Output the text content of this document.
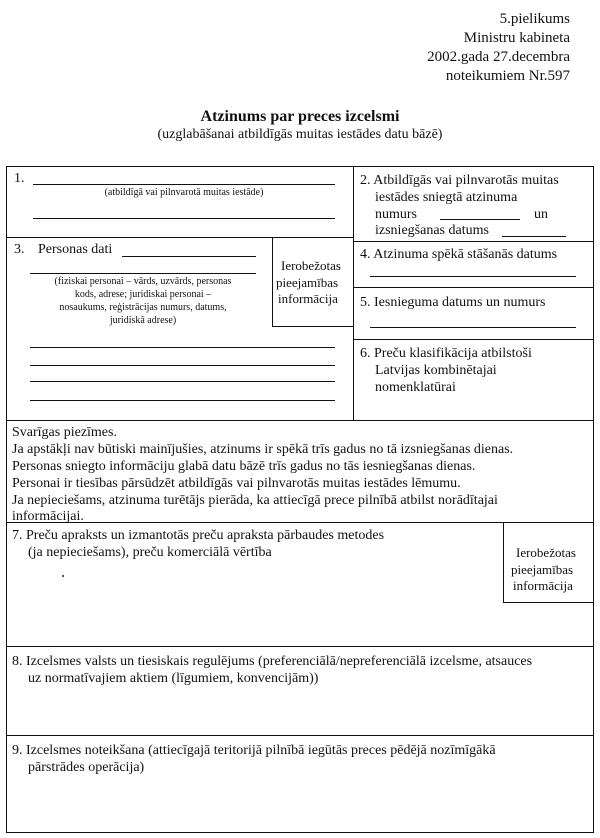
5.pielikums
Ministru kabineta
2002.gada 27.decembra
noteikumiem Nr.597
Atzinums par preces izcelsmi
(uzglabāšanai atbildīgās muitas iestādes datu bāzē)
1.
(atbildīgā vai pilnvarotā muitas iestāde)
2. Atbildīgās vai pilnvarotās muitas
iestādes sniegtā atzinuma
numurs	un
izsniegšanas datums
3. Personas dati
(fiziskai personai – vārds, uzvārds, personas
kods, adrese; juridiskai personai –
nosaukums, reģistrācijas numurs, datums,
juridiskā adrese)
Ierobežotas
pieejamības
informācija
4. Atzinuma spēkā stāšanās datums
5. Iesnieguma datums un numurs
6. Preču klasifikācija atbilstoši
Latvijas kombinētajai
nomenklatūrai
Svarīgas piezīmes.
Ja apstākļi nav būtiski mainījušies, atzinums ir spēkā trīs gadus no tā izsniegšanas dienas.
Personas sniegto informāciju glabā datu bāzē trīs gadus no tās iesniegšanas dienas.
Personai ir tiesības pārsūdzēt atbildīgās vai pilnvarotās muitas iestādes lēmumu.
Ja nepieciešams, atzinuma turētājs pierāda, ka attiecīgā prece pilnībā atbilst norādītajai
informācijai.
7. Preču apraksts un izmantotās preču apraksta pārbaudes metodes
(ja nepieciešams), preču komerciālā vērtība	Ierobežotas
pieejamības
informācija
8. Izcelsmes valsts un tiesiskais regulējums (preferenciālā/nepreferenciālā izcelsme, atsauces
uz normatīvajiem aktiem (līgumiem, konvencijām))
9. Izcelsmes noteikšana (attiecīgajā teritorijā pilnībā iegūtās preces pēdējā nozīmīgākā
pārstrādes operācija)
